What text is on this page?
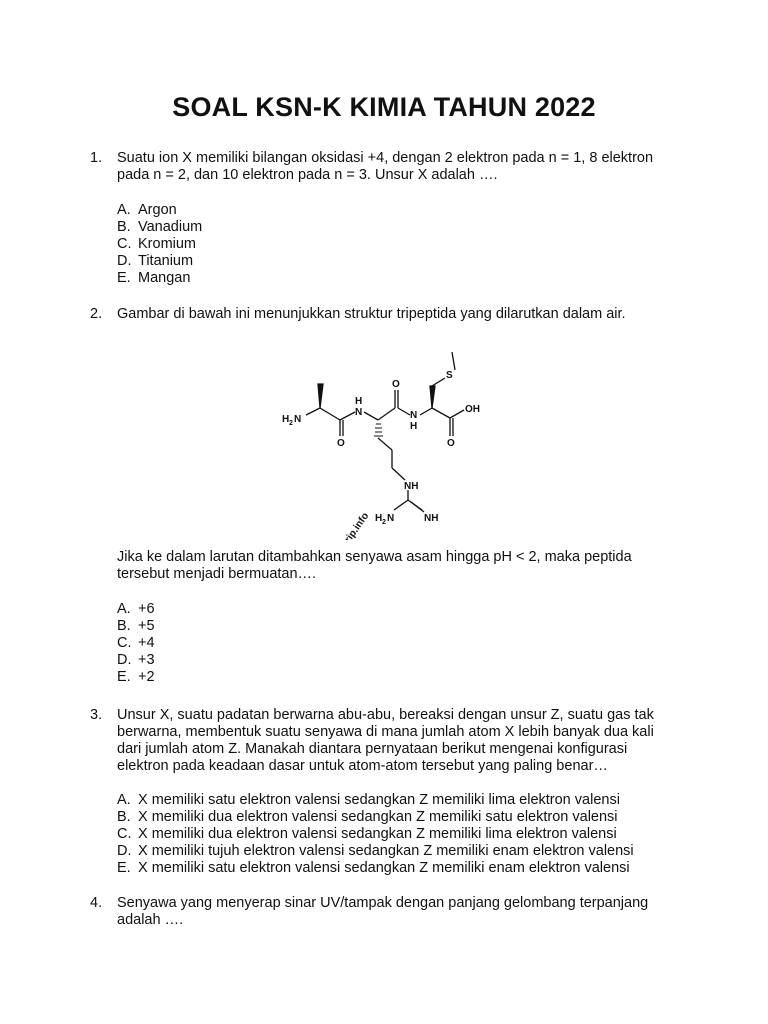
SOAL KSN-K KIMIA TAHUN 2022
1. Suatu ion X memiliki bilangan oksidasi +4, dengan 2 elektron pada n = 1, 8 elektron
pada n = 2, dan 10 elektron pada n = 3. Unsur X adalah ….
A. Argon
B. Vanadium
C. Kromium
D. Titanium
E. Mangan
2. Gambar di bawah ini menunjukkan struktur tripeptida yang dilarutkan dalam air.
urip.info
H 2 N
N
H
O
O
N
H
S
OH
O
NH
H 2 N	NH
Jika ke dalam larutan ditambahkan senyawa asam hingga pH < 2, maka peptida
tersebut menjadi bermuatan….
A. +6
B. +5
C. +4
D. +3
E. +2
3. Unsur X, suatu padatan berwarna abu-abu, bereaksi dengan unsur Z, suatu gas tak
berwarna, membentuk suatu senyawa di mana jumlah atom X lebih banyak dua kali
dari jumlah atom Z. Manakah diantara pernyataan berikut mengenai konfigurasi
elektron pada keadaan dasar untuk atom-atom tersebut yang paling benar…
A. X memiliki satu elektron valensi sedangkan Z memiliki lima elektron valensi
B. X memiliki dua elektron valensi sedangkan Z memiliki satu elektron valensi
C. X memiliki dua elektron valensi sedangkan Z memiliki lima elektron valensi
D. X memiliki tujuh elektron valensi sedangkan Z memiliki enam elektron valensi
E. X memiliki satu elektron valensi sedangkan Z memiliki enam elektron valensi
4. Senyawa yang menyerap sinar UV/tampak dengan panjang gelombang terpanjang
adalah ….
